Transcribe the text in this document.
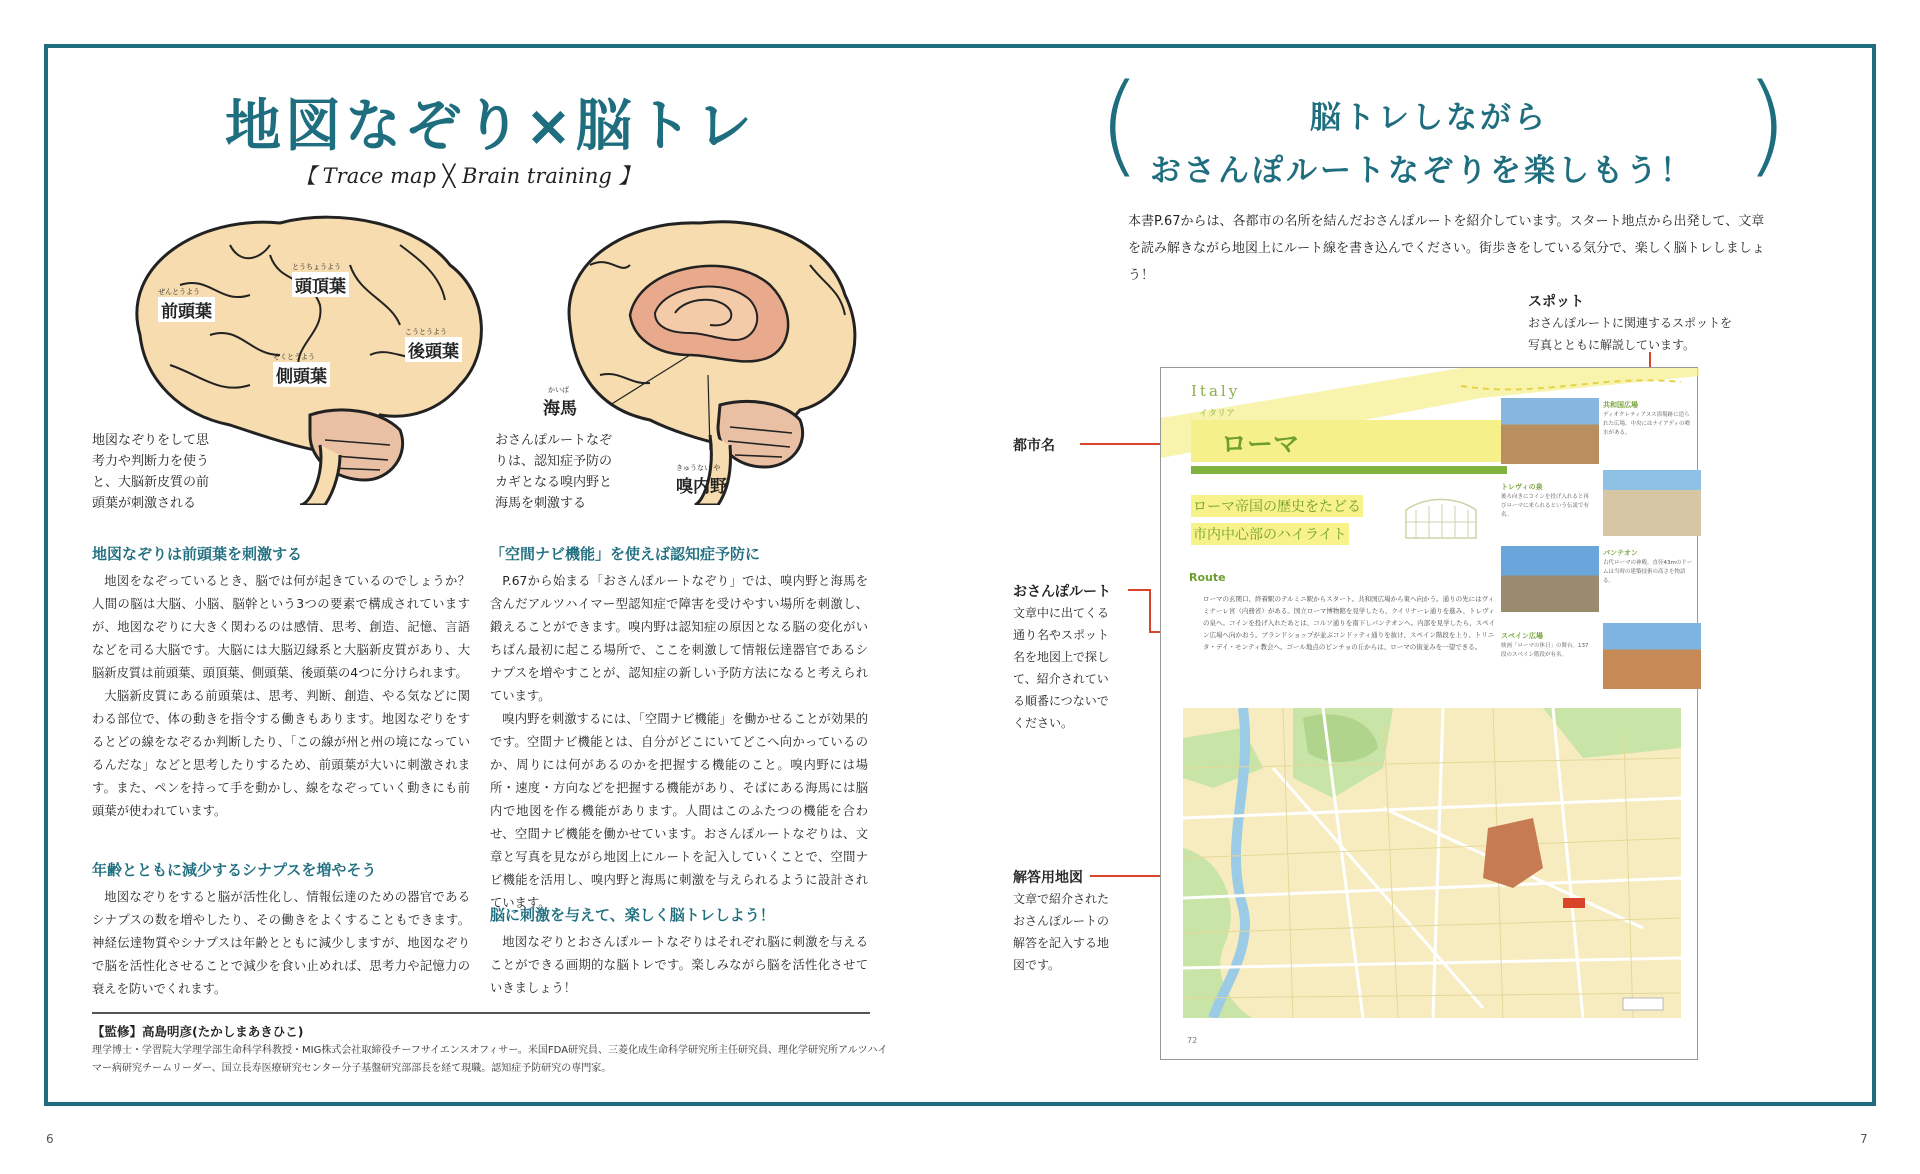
地図なぞり×脳トレ
【 Trace map ╳ Brain training 】
ぜんとうよう
前頭葉
とうちょうよう
頭頂葉
そくとうよう
側頭葉
こうとうよう
後頭葉
かいば
海馬
きゅうない や
嗅内野
地図なぞりをして思
考力や判断力を使う
と、大脳新皮質の前
頭葉が刺激される
おさんぽルートなぞ
りは、認知症予防の
カギとなる嗅内野と
海馬を刺激する
地図なぞりは前頭葉を刺激する

地図をなぞっているとき、脳では何が起きているのでしょうか？人間の脳は大脳、小脳、脳幹という3つの要素で構成されていますが、地図なぞりに大きく関わるのは感情、思考、創造、記憶、言語などを司る大脳です。大脳には大脳辺縁系と大脳新皮質があり、大脳新皮質は前頭葉、頭頂葉、側頭葉、後頭葉の4つに分けられます。

大脳新皮質にある前頭葉は、思考、判断、創造、やる気などに関わる部位で、体の動きを指令する働きもあります。地図なぞりをするとどの線をなぞるか判断したり、「この線が州と州の境になっているんだな」などと思考したりするため、前頭葉が大いに刺激されます。また、ペンを持って手を動かし、線をなぞっていく動きにも前頭葉が使われています。

年齢とともに減少するシナプスを増やそう

地図なぞりをすると脳が活性化し、情報伝達のための器官であるシナプスの数を増やしたり、その働きをよくすることもできます。神経伝達物質やシナプスは年齢とともに減少しますが、地図なぞりで脳を活性化させることで減少を食い止めれば、思考力や記憶力の衰えを防いでくれます。

「空間ナビ機能」を使えば認知症予防に

P.67から始まる「おさんぽルートなぞり」では、嗅内野と海馬を含んだアルツハイマー型認知症で障害を受けやすい場所を刺激し、鍛えることができます。嗅内野は認知症の原因となる脳の変化がいちばん最初に起こる場所で、ここを刺激して情報伝達器官であるシナプスを増やすことが、認知症の新しい予防方法になると考えられています。

嗅内野を刺激するには、「空間ナビ機能」を働かせることが効果的です。空間ナビ機能とは、自分がどこにいてどこへ向かっているのか、周りには何があるのかを把握する機能のこと。嗅内野には場所・速度・方向などを把握する機能があり、そばにある海馬には脳内で地図を作る機能があります。人間はこのふたつの機能を合わせ、空間ナビ機能を働かせています。おさんぽルートなぞりは、文章と写真を見ながら地図上にルートを記入していくことで、空間ナビ機能を活用し、嗅内野と海馬に刺激を与えられるように設計されています。

脳に刺激を与えて、楽しく脳トレしよう！

地図なぞりとおさんぽルートなぞりはそれぞれ脳に刺激を与えることができる画期的な脳トレです。楽しみながら脳を活性化させていきましょう！

【監修】高島明彦(たかしまあきひこ)
理学博士・学習院大学理学部生命科学科教授・MIG株式会社取締役チーフサイエンスオフィサー。米国FDA研究員、三菱化成生命科学研究所主任研究員、理化学研究所アルツハイマー病研究チームリーダー、国立長寿医療研究センター分子基盤研究部部長を経て現職。認知症予防研究の専門家。
6
(	)
脳トレしながら
おさんぽルートなぞりを楽しもう！
本書P.67からは、各都市の名所を結んだおさんぽルートを紹介しています。スタート地点から出発して、文章を読み解きながら地図上にルート線を書き込んでください。街歩きをしている気分で、楽しく脳トレしましょう！
スポット
おさんぽルートに関連するスポットを
写真とともに解説しています。
都市名
おさんぽルート
文章中に出てくる
通り名やスポット
名を地図上で探し
て、紹介されてい
る順番につないで
ください。
解答用地図
文章で紹介された
おさんぽルートの
解答を記入する地
図です。
Italy
イタリア
ローマ
ローマ帝国の歴史をたどる
市内中心部のハイライト
Route
ローマの玄関口、終着駅のテルミニ駅からスタート。共和国広場から東へ向かう。通りの先にはヴィミナーレ宮（内務省）がある。国立ローマ博物館を見学したら、クイリナーレ通りを進み、トレヴィの泉へ。コインを投げ入れたあとは、コルソ通りを南下しパンテオンへ。内部を見学したら、スペイン広場へ向かおう。ブランドショップが並ぶコンドッティ通りを抜け、スペイン階段を上り、トリニタ・デイ・モンティ教会へ。ゴール地点のピンチョの丘からは、ローマの街並みを一望できる。
共和国広場
ディオクレティアヌス浴場跡に造られた広場。中央にはナイアディの噴水がある。
トレヴィの泉
後ろ向きにコインを投げ入れると再びローマに来られるという伝説で有名。
パンテオン
古代ローマの神殿。直径43mのドームは当時の建築技術の高さを物語る。
スペイン広場
映画「ローマの休日」の舞台。137段のスペイン階段が有名。
72
7
